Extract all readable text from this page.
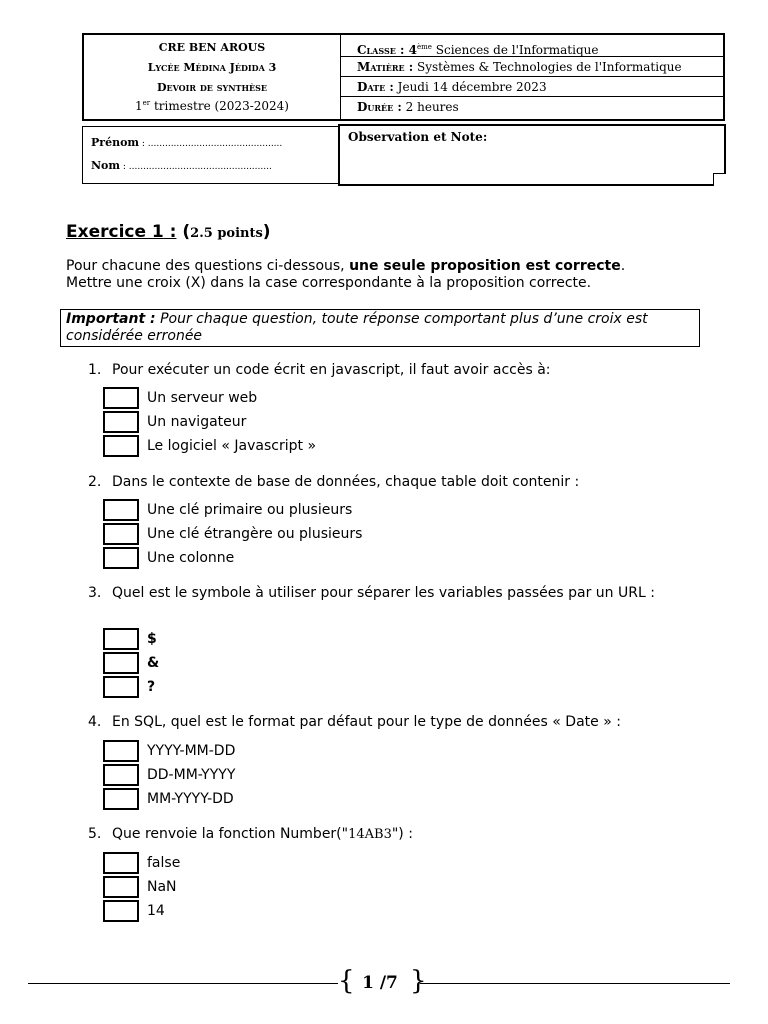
CRE BEN AROUS
Lycée Médina Jédida 3
Devoir de synthèse
1er trimestre (2023-2024)
Classe : 4ème Sciences de l'Informatique
Matière : Systèmes & Technologies de l'Informatique
Date : Jeudi 14 décembre 2023
Durée : 2 heures
Prénom : ...............................................
Nom : ..................................................
Observation et Note:
Exercice 1 : (2.5 points)
Pour chacune des questions ci-dessous, une seule proposition est correcte.
Mettre une croix (X) dans la case correspondante à la proposition correcte.
Important : Pour chaque question, toute réponse comportant plus d’une croix est considérée erronée
1. Pour exécuter un code écrit en javascript, il faut avoir accès à:
Un serveur web
Un navigateur
Le logiciel « Javascript »
2. Dans le contexte de base de données, chaque table doit contenir :
Une clé primaire ou plusieurs
Une clé étrangère ou plusieurs
Une colonne
3. Quel est le symbole à utiliser pour séparer les variables passées par un URL :
$
&
?
4. En SQL, quel est le format par défaut pour le type de données « Date » :
YYYY-MM-DD
DD-MM-YYYY
MM-YYYY-DD
5. Que renvoie la fonction Number("14AB3") :
false
NaN
14
{ 1 /7 }
